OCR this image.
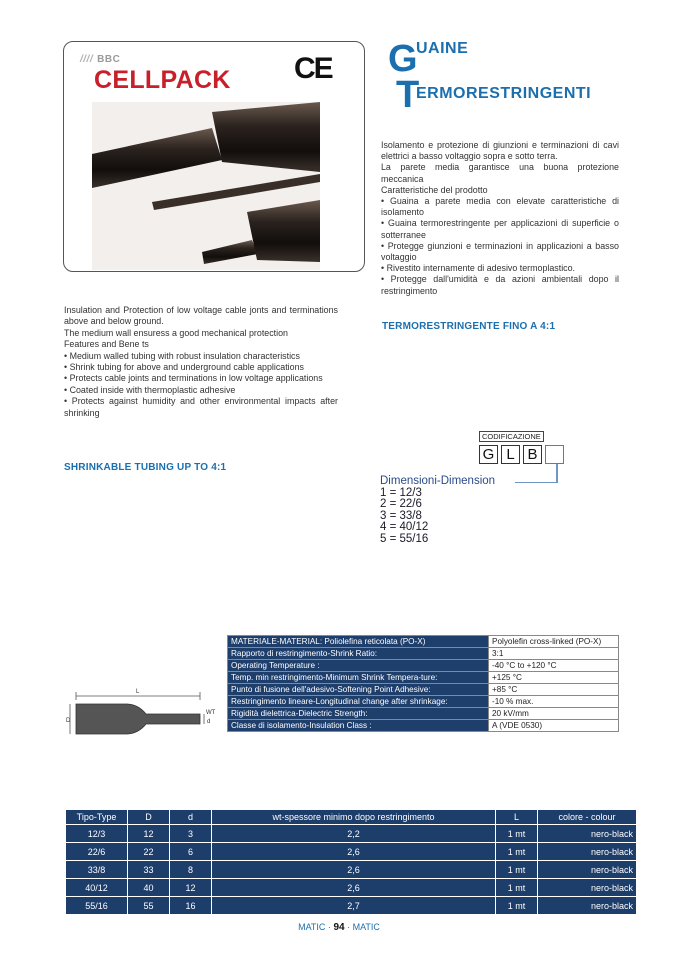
//// BBC
CELLPACK CE G
UAINE
T
ERMORESTRINGENTI

Isolamento e protezione di giunzioni e terminazioni di cavi elettrici a basso voltaggio sopra e sotto terra.

La parete media garantisce una buona protezione meccanica

Caratteristiche del prodotto

• Guaina a parete media con elevate caratteristiche di isolamento

• Guaina termorestringente per applicazioni di superficie o sotterranee

• Protegge giunzioni e terminazioni in applicazioni a basso voltaggio

• Rivestito internamente di adesivo termoplastico.

• Protegge dall'umidità e da azioni ambientali dopo il restringimento

TERMORESTRINGENTE FINO A 4:1

Insulation and Protection of low voltage cable jonts and terminations above and below ground.

The medium wall ensuress a good mechanical protection

Features and Bene ts

• Medium walled tubing with robust insulation characteristics

• Shrink tubing for above and underground cable applications

• Protects cable joints and terminations in low voltage applications

• Coated inside with thermoplastic adhesive

• Protects against humidity and other environmental impacts after shrinking

SHRINKABLE TUBING UP TO 4:1
CODIFICAZIONE
G L B
Dimensioni-Dimension
1 = 12/3
2 = 22/6
3 = 33/8
4 = 40/12
5 = 55/16
L
D
WT
d
MATERIALE-MATERIAL: Poliolefina reticolata (PO-X)	Polyolefin cross-linked (PO-X)
Rapporto di restringimento-Shrink Ratio:	3:1
Operating Temperature :	-40 °C to +120 °C
Temp. min restringimento-Minimum Shrink Tempera-ture:	+125 °C
Punto di fusione dell'adesivo-Softening Point Adhesive:	+85 °C
Restringimento lineare-Longitudinal change after shrinkage:	-10 % max.
Rigidità dielettrica-Dielectric Strength:	20 kV/mm
Classe di isolamento-Insulation Class :	A (VDE 0530)
Tipo-Type	D	d	wt-spessore minimo dopo restringimento	L	colore - colour
12/3	12	3	2,2	1 mt	nero-black
22/6	22	6	2,6	1 mt	nero-black
33/8	33	8	2,6	1 mt	nero-black
40/12	40	12	2,6	1 mt	nero-black
55/16	55	16	2,7	1 mt	nero-black
MATIC · 94 · MATIC
